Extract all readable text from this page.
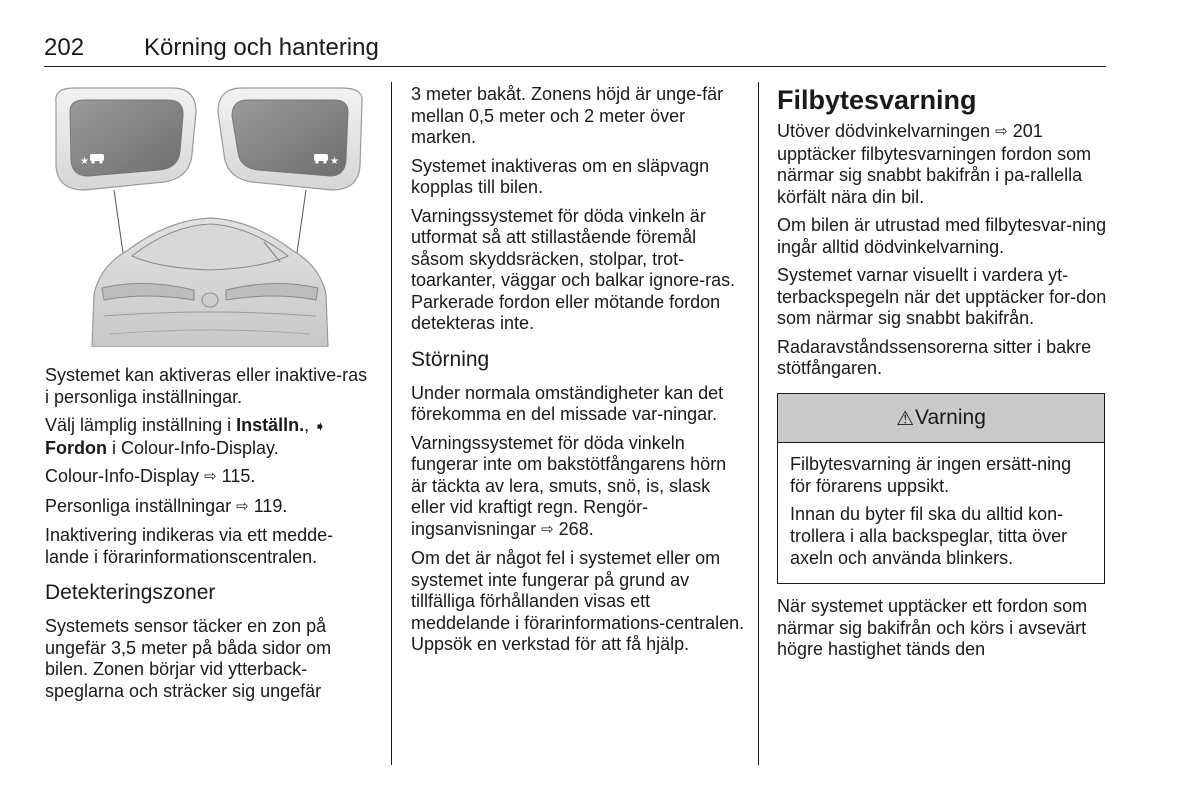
202 Körning och hantering
★	★

Systemet kan aktiveras eller inaktive-ras i personliga inställningar.

Välj lämplig inställning i Inställn., ➧ Fordon i Colour-Info-Display.

Colour-Info-Display ⇨ 115.

Personliga inställningar ⇨ 119.

Inaktivering indikeras via ett medde-lande i förarinformationscentralen.

Detekteringszoner

Systemets sensor täcker en zon på ungefär 3,5 meter på båda sidor om bilen. Zonen börjar vid ytterback-speglarna och sträcker sig ungefär

3 meter bakåt. Zonens höjd är unge-fär mellan 0,5 meter och 2 meter över marken.

Systemet inaktiveras om en släpvagn kopplas till bilen.

Varningssystemet för döda vinkeln är utformat så att stillastående föremål såsom skyddsräcken, stolpar, trot-toarkanter, väggar och balkar ignore-ras. Parkerade fordon eller mötande fordon detekteras inte.

Störning

Under normala omständigheter kan det förekomma en del missade var-ningar.

Varningssystemet för döda vinkeln fungerar inte om bakstötfångarens hörn är täckta av lera, smuts, snö, is, slask eller vid kraftigt regn. Rengör-ingsanvisningar ⇨ 268.

Om det är något fel i systemet eller om systemet inte fungerar på grund av tillfälliga förhållanden visas ett meddelande i förarinformations-centralen. Uppsök en verkstad för att få hjälp.

Filbytesvarning

Utöver dödvinkelvarningen ⇨ 201 upptäcker filbytesvarningen fordon som närmar sig snabbt bakifrån i pa-rallella körfält nära din bil.

Om bilen är utrustad med filbytesvar-ning ingår alltid dödvinkelvarning.

Systemet varnar visuellt i vardera yt-terbackspegeln när det upptäcker for-don som närmar sig snabbt bakifrån.

Radaravståndssensorerna sitter i bakre stötfångaren.

⚠ Varning

Filbytesvarning är ingen ersätt-ning för förarens uppsikt.

Innan du byter fil ska du alltid kon-trollera i alla backspeglar, titta över axeln och använda blinkers.

När systemet upptäcker ett fordon som närmar sig bakifrån och körs i avsevärt högre hastighet tänds den
